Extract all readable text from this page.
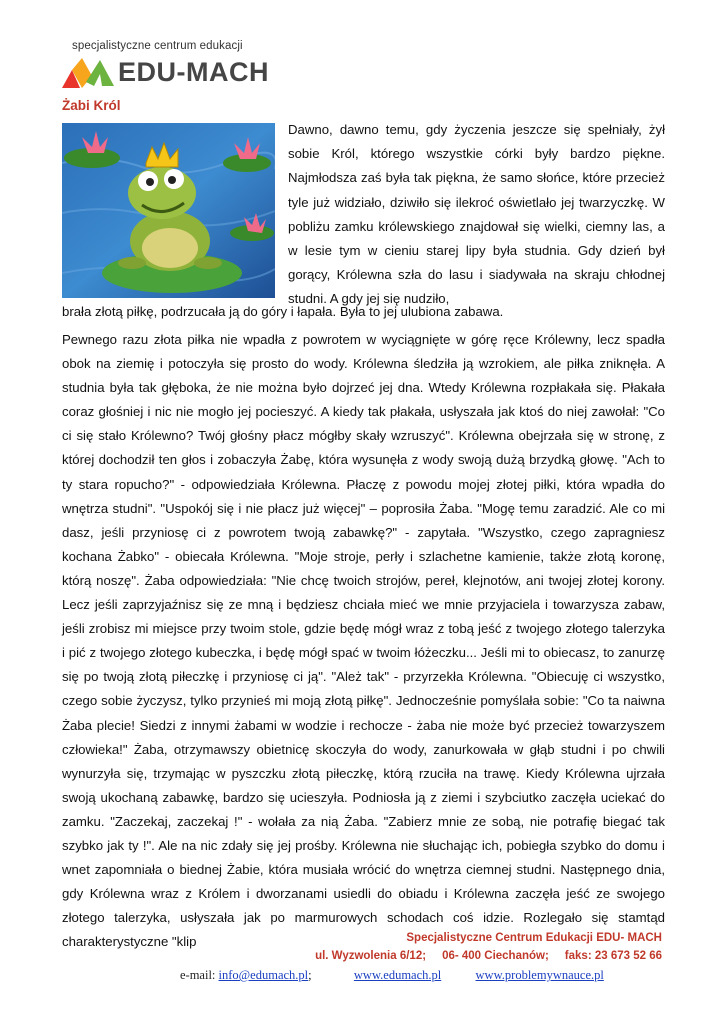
specjalistyczne centrum edukacji
EDU-MACH
Żabi Król
Dawno, dawno temu, gdy życzenia jeszcze się spełniały, żył sobie Król, którego wszystkie córki były bardzo piękne. Najmłodsza zaś była tak piękna, że samo słońce, które przecież tyle już widziało, dziwiło się ilekroć oświetlało jej twarzyczkę. W pobliżu zamku królewskiego znajdował się wielki, ciemny las, a w lesie tym w cieniu starej lipy była studnia. Gdy dzień był gorący, Królewna szła do lasu i siadywała na skraju chłodnej studni. A gdy jej się nudziło,
brała złotą piłkę, podrzucała ją do góry i łapała. Była to jej ulubiona zabawa.

Pewnego razu złota piłka nie wpadła z powrotem w wyciągnięte w górę ręce Królewny, lecz spadła obok na ziemię i potoczyła się prosto do wody. Królewna śledziła ją wzrokiem, ale piłka zniknęła. A studnia była tak głęboka, że nie można było dojrzeć jej dna. Wtedy Królewna rozpłakała się. Płakała coraz głośniej i nic nie mogło jej pocieszyć. A kiedy tak płakała, usłyszała jak ktoś do niej zawołał: "Co ci się stało Królewno? Twój głośny płacz mógłby skały wzruszyć". Królewna obejrzała się w stronę, z której dochodził ten głos i zobaczyła Żabę, która wysunęła z wody swoją dużą brzydką głowę. "Ach to ty stara ropucho?" - odpowiedziała Królewna. Płaczę z powodu mojej złotej piłki, która wpadła do wnętrza studni". "Uspokój się i nie płacz już więcej" – poprosiła Żaba. "Mogę temu zaradzić. Ale co mi dasz, jeśli przyniosę ci z powrotem twoją zabawkę?" - zapytała. "Wszystko, czego zapragniesz kochana Żabko" - obiecała Królewna. "Moje stroje, perły i szlachetne kamienie, także złotą koronę, którą noszę". Żaba odpowiedziała: "Nie chcę twoich strojów, pereł, klejnotów, ani twojej złotej korony. Lecz jeśli zaprzyjaźnisz się ze mną i będziesz chciała mieć we mnie przyjaciela i towarzysza zabaw, jeśli zrobisz mi miejsce przy twoim stole, gdzie będę mógł wraz z tobą jeść z twojego złotego talerzyka i pić z twojego złotego kubeczka, i będę mógł spać w twoim łóżeczku... Jeśli mi to obiecasz, to zanurzę się po twoją złotą piłeczkę i przyniosę ci ją". "Ależ tak" - przyrzekła Królewna. "Obiecuję ci wszystko, czego sobie życzysz, tylko przynieś mi moją złotą piłkę". Jednocześnie pomyślała sobie: "Co ta naiwna Żaba plecie! Siedzi z innymi żabami w wodzie i rechocze - żaba nie może być przecież towarzyszem człowieka!" Żaba, otrzymawszy obietnicę skoczyła do wody, zanurkowała w głąb studni i po chwili wynurzyła się, trzymając w pyszczku złotą piłeczkę, którą rzuciła na trawę. Kiedy Królewna ujrzała swoją ukochaną zabawkę, bardzo się ucieszyła. Podniosła ją z ziemi i szybciutko zaczęła uciekać do zamku. "Zaczekaj, zaczekaj !" - wołała za nią Żaba. "Zabierz mnie ze sobą, nie potrafię biegać tak szybko jak ty !". Ale na nic zdały się jej prośby. Królewna nie słuchając ich, pobiegła szybko do domu i wnet zapomniała o biednej Żabie, która musiała wrócić do wnętrza ciemnej studni. Następnego dnia, gdy Królewna wraz z Królem i dworzanami usiedli do obiadu i Królewna zaczęła jeść ze swojego złotego talerzyka, usłyszała jak po marmurowych schodach coś idzie. Rozlegało się stamtąd charakterystyczne "klip	Specjalistyczne Centrum Edukacji EDU- MACH
ul. Wyzwolenia 6/12; 06- 400 Ciechanów; faks: 23 673 52 66
e-mail: info@edumach.pl;	www.edumach.pl	www.problemywnauce.pl
